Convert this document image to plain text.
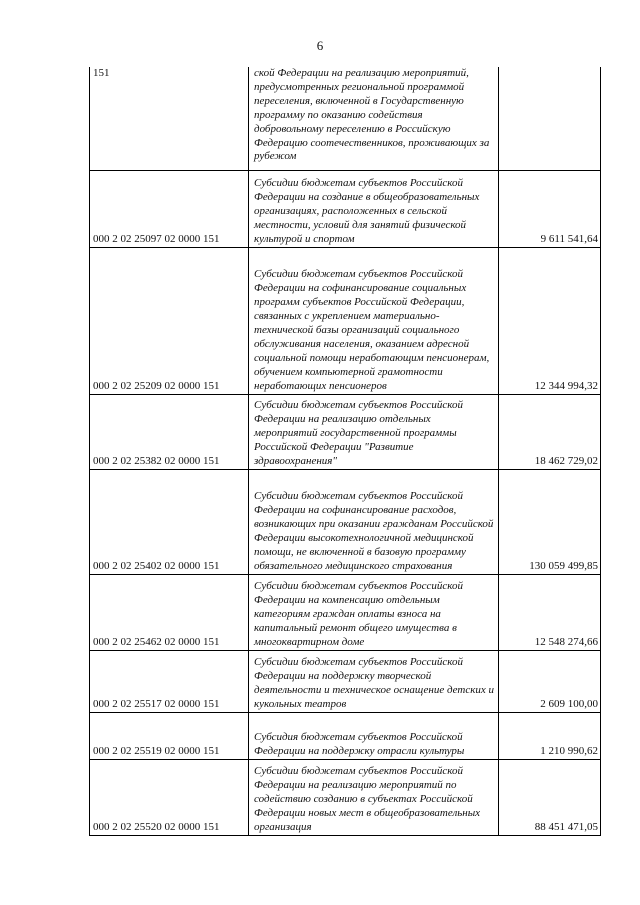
6
151	ской Федерации на реализацию мероприятий, предусмотренных региональной программой переселения, включенной в Государственную программу по оказанию содействия добровольному переселению в Российскую Федерацию соотечественников, проживающих за рубежом	
000 2 02 25097 02 0000 151	Субсидии бюджетам субъектов Российской Федерации на создание в общеобразовательных организациях, расположенных в сельской местности, условий для занятий физической культурой и спортом	9 611 541,64
000 2 02 25209 02 0000 151	Субсидии бюджетам субъектов Российской Федерации на софинансирование социальных программ субъектов Российской Федерации, связанных с укреплением материально-технической базы организаций социального обслуживания населения, оказанием адресной социальной помощи неработающим пенсионерам, обучением компьютерной грамотности неработающих пенсионеров	12 344 994,32
000 2 02 25382 02 0000 151	Субсидии бюджетам субъектов Российской Федерации на реализацию отдельных мероприятий государственной программы Российской Федерации "Развитие здравоохранения"	18 462 729,02
000 2 02 25402 02 0000 151	Субсидии бюджетам субъектов Российской Федерации на софинансирование расходов, возникающих при оказании гражданам Российской Федерации высокотехнологичной медицинской помощи, не включенной в базовую программу обязательного медицинского страхования	130 059 499,85
000 2 02 25462 02 0000 151	Субсидии бюджетам субъектов Российской Федерации на компенсацию отдельным категориям граждан оплаты взноса на капитальный ремонт общего имущества в многоквартирном доме	12 548 274,66
000 2 02 25517 02 0000 151	Субсидии бюджетам субъектов Российской Федерации на поддержку творческой деятельности и техническое оснащение детских и кукольных театров	2 609 100,00
000 2 02 25519 02 0000 151	Субсидия бюджетам субъектов Российской Федерации на поддержку отрасли культуры	1 210 990,62
000 2 02 25520 02 0000 151	Субсидии бюджетам субъектов Российской Федерации на реализацию мероприятий по содействию созданию в субъектах Российской Федерации новых мест в общеобразовательных организация	88 451 471,05
